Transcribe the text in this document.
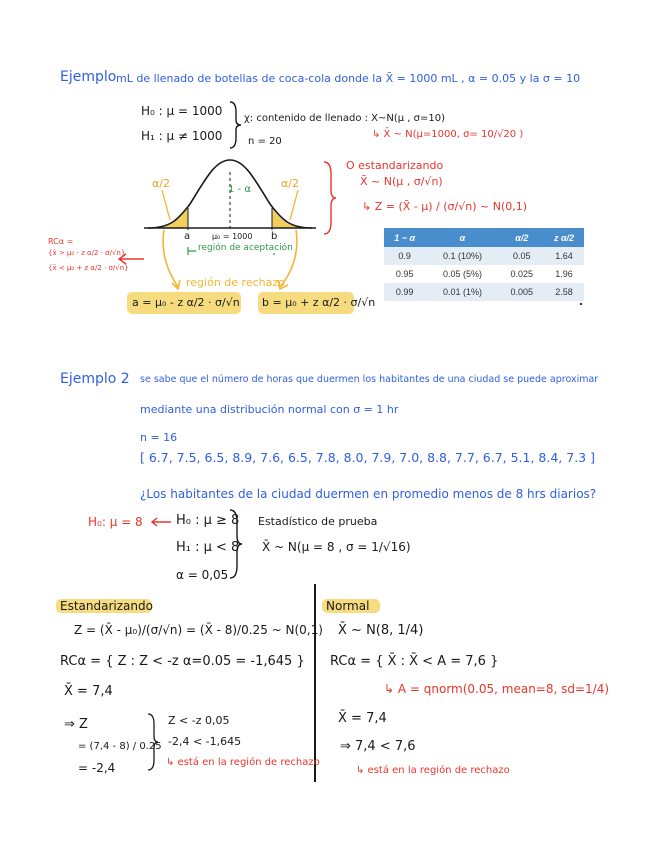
Ejemplo mL de llenado de botellas de coca-cola donde la X̄ = 1000 mL , α = 0.05 y la σ = 10
H₀ : μ = 1000
H₁ : μ ≠ 1000
χ: contenido de llenado : X~N(μ , σ=10)
↳ X̄ ~ N(μ=1000, σ= 10/√20 )
n = 20
α/2	α/2
1 - α
a	μ₀ = 1000 b
región de aceptación
región de rechazo
a = μ₀ - z α/2 · σ/√n b = μ₀ + z α/2 · σ/√n
RCα =
{x̄ > μ₀ - z α/2 · σ/√n}
{x̄ < μ₀ + z α/2 · σ/√n}
O estandarizando
X̄ ~ N(μ , σ/√n)
↳ Z = (X̄ - μ) / (σ/√n) ~ N(0,1)
1 − α	α	α/2	z α/2
0.9	0.1 (10%)	0.05	1.64
0.95	0.05 (5%)	0.025	1.96
0.99	0.01 (1%)	0.005	2.58
Ejemplo 2 se sabe que el número de horas que duermen los habitantes de una ciudad se puede aproximar
mediante una distribución normal con σ = 1 hr
n = 16
[ 6.7, 7.5, 6.5, 8.9, 7.6, 6.5, 7.8, 8.0, 7.9, 7.0, 8.8, 7.7, 6.7, 5.1, 8.4, 7.3 ]
¿Los habitantes de la ciudad duermen en promedio menos de 8 hrs diarios?
H₀: μ = 8	H₀ : μ ≥ 8
H₁ : μ < 8
α = 0,05
Estadístico de prueba
X̄ ~ N(μ = 8 , σ = 1/√16)
Estandarizando
Z = (X̄ - μ₀)/(σ/√n) = (X̄ - 8)/0.25 ~ N(0,1)
RCα = { Z : Z < -z α=0.05 = -1,645 }
X̄ = 7,4
⇒ Z
= (7,4 - 8) / 0.25
= -2,4
Z < -z 0,05
-2,4 < -1,645
↳ está en la región de rechazo
Normal
X̄ ~ N(8, 1/4)
RCα = { X̄ : X̄ < A = 7,6 }
↳ A = qnorm(0.05, mean=8, sd=1/4)
X̄ = 7,4
⇒ 7,4 < 7,6
↳ está en la región de rechazo
